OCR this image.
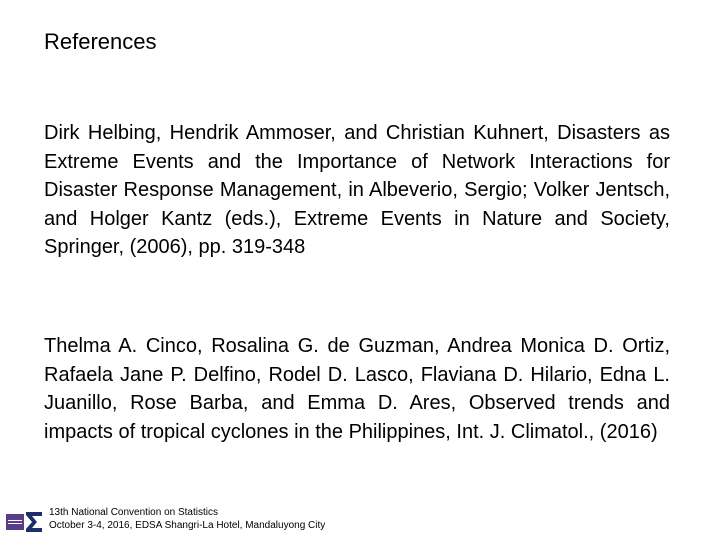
References

Dirk Helbing, Hendrik Ammoser, and Christian Kuhnert, Disasters as Extreme Events and the Importance of Network Interactions for Disaster Response Management, in Albeverio, Sergio; Volker Jentsch, and Holger Kantz (eds.), Extreme Events in Nature and Society, Springer, (2006), pp. 319-348

Thelma A. Cinco, Rosalina G. de Guzman, Andrea Monica D. Ortiz, Rafaela Jane P. Delfino, Rodel D. Lasco, Flaviana D. Hilario, Edna L. Juanillo, Rose Barba, and Emma D. Ares, Observed trends and impacts of tropical cyclones in the Philippines, Int. J. Climatol., (2016)

13th National Convention on Statistics
October 3-4, 2016, EDSA Shangri-La Hotel, Mandaluyong City
